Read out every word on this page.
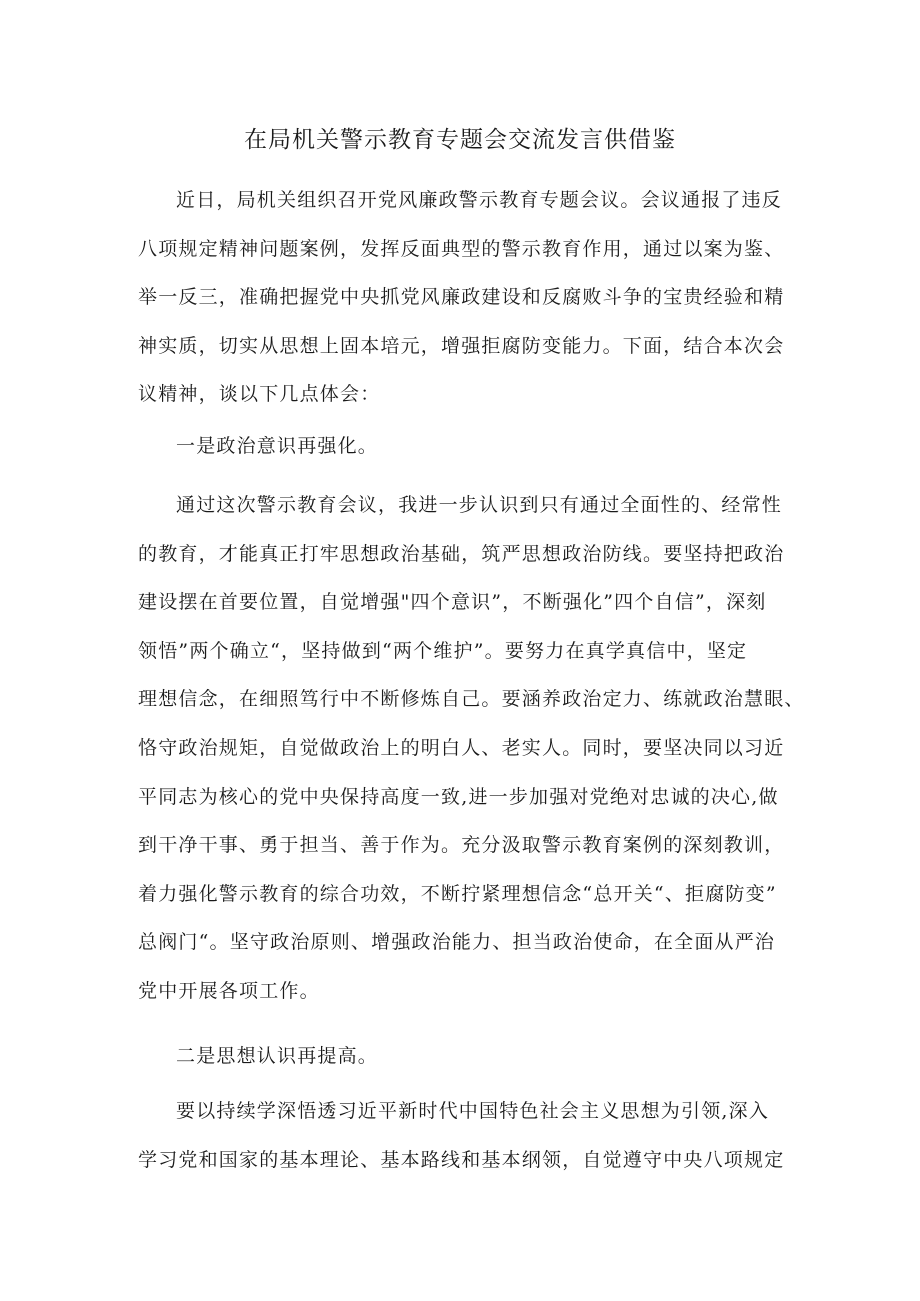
在局机关警示教育专题会交流发言供借鉴
近日，局机关组织召开党风廉政警示教育专题会议。会议通报了违反
八项规定精神问题案例，发挥反面典型的警示教育作用，通过以案为鉴、
举一反三，准确把握党中央抓党风廉政建设和反腐败斗争的宝贵经验和精
神实质，切实从思想上固本培元，增强拒腐防变能力。下面，结合本次会
议精神，谈以下几点体会：
一是政治意识再强化。
通过这次警示教育会议，我进一步认识到只有通过全面性的、经常性
的教育，才能真正打牢思想政治基础，筑严思想政治防线。要坚持把政治
建设摆在首要位置，自觉增强"四个意识”，不断强化”四个自信”，深刻
领悟”两个确立“，坚持做到“两个维护”。要努力在真学真信中，坚定
理想信念，在细照笃行中不断修炼自己。要涵养政治定力、练就政治慧眼、
恪守政治规矩，自觉做政治上的明白人、老实人。同时，要坚决同以习近
平同志为核心的党中央保持高度一致,进一步加强对党绝对忠诚的决心,做
到干净干事、勇于担当、善于作为。充分汲取警示教育案例的深刻教训，
着力强化警示教育的综合功效，不断拧紧理想信念“总开关“、拒腐防变”
总阀门“。坚守政治原则、增强政治能力、担当政治使命，在全面从严治
党中开展各项工作。
二是思想认识再提高。
要以持续学深悟透习近平新时代中国特色社会主义思想为引领,深入
学习党和国家的基本理论、基本路线和基本纲领，自觉遵守中央八项规定
